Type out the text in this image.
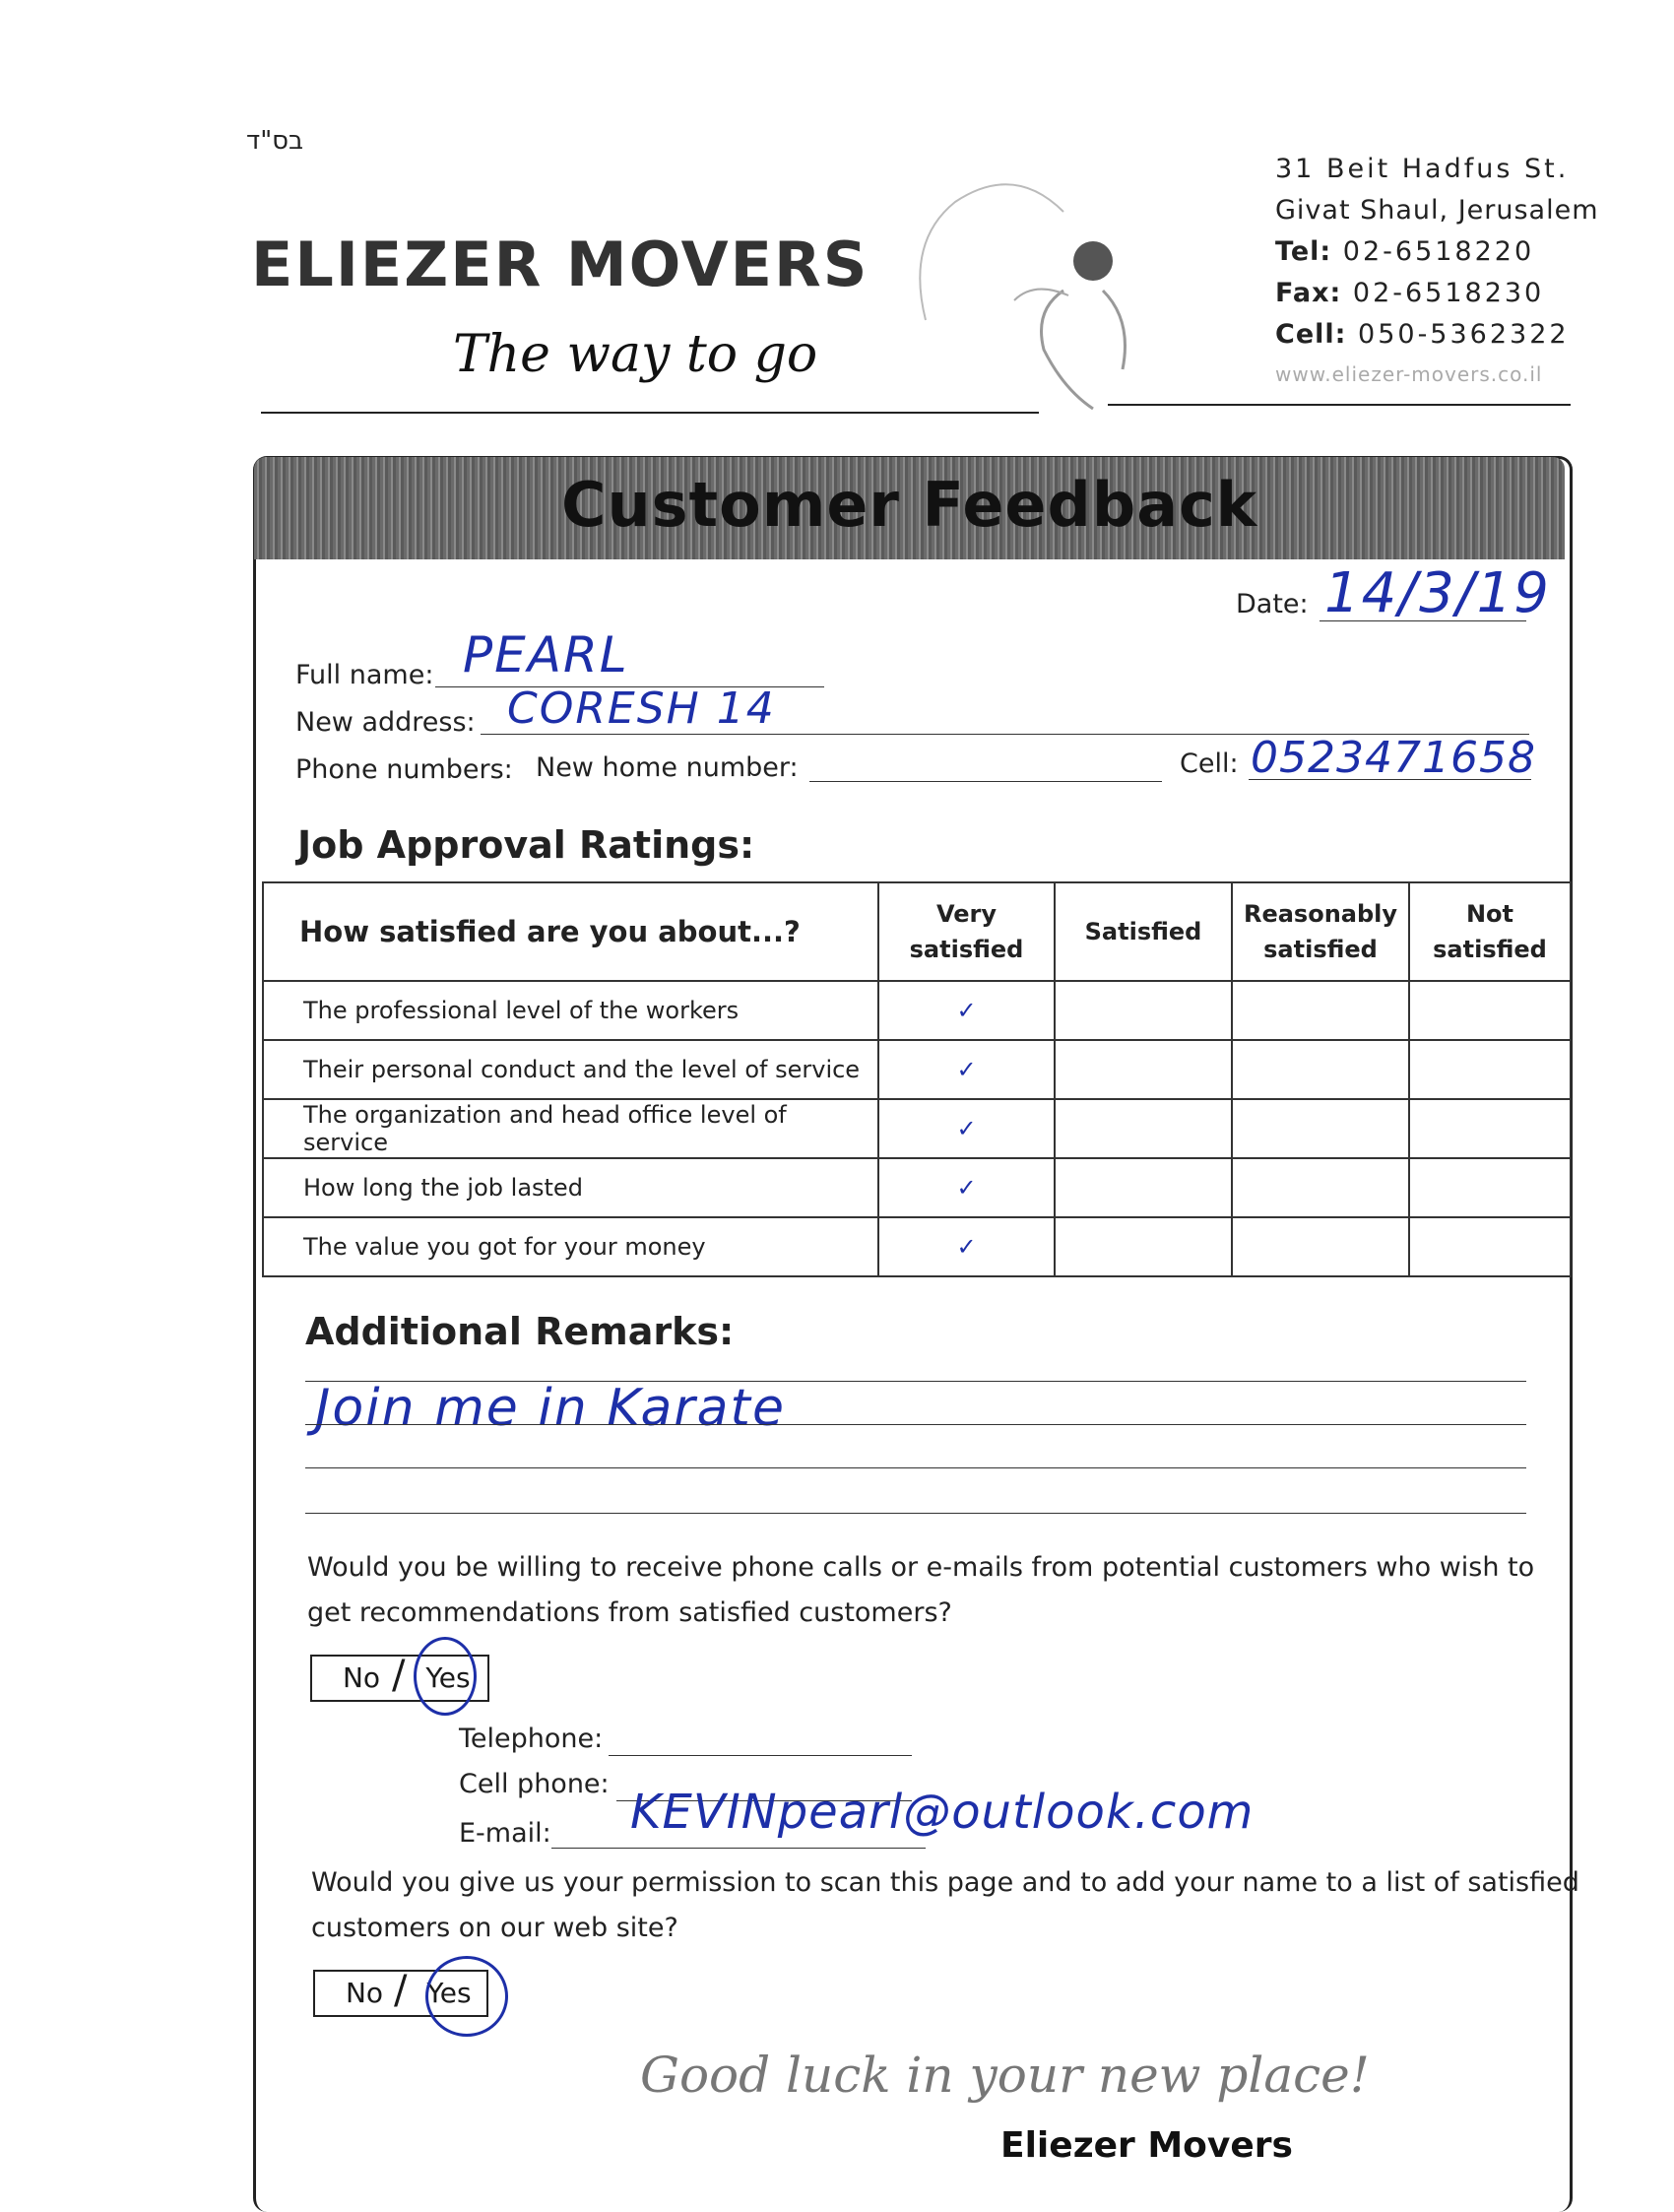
בס"ד
ELIEZER MOVERS
The way to go
31 Beit Hadfus St.
Givat Shaul, Jerusalem
Tel: 02-6518220
Fax: 02-6518230
Cell: 050-5362322
www.eliezer-movers.co.il
Customer Feedback
Date: 14/3/19
Full name: PEARL
New address: CORESH 14
Phone numbers: New home number:	Cell: 0523471658
Job Approval Ratings:
How satisfied are you about...?	Very satisfied	Satisfied	Reasonably satisfied	Not satisfied
The professional level of the workers	✓			
Their personal conduct and the level of service	✓			
The organization and head office level of service	✓			
How long the job lasted	✓			
The value you got for your money	✓			
Additional Remarks:
Join me in Karate
Would you be willing to receive phone calls or e-mails from potential customers who wish to
get recommendations from satisfied customers?
No	Yes
/
Telephone:
Cell phone:
E-mail: KEVINpearl@outlook.com
Would you give us your permission to scan this page and to add your name to a list of satisfied
customers on our web site?
No	Yes
/
Good luck in your new place!
Eliezer Movers
